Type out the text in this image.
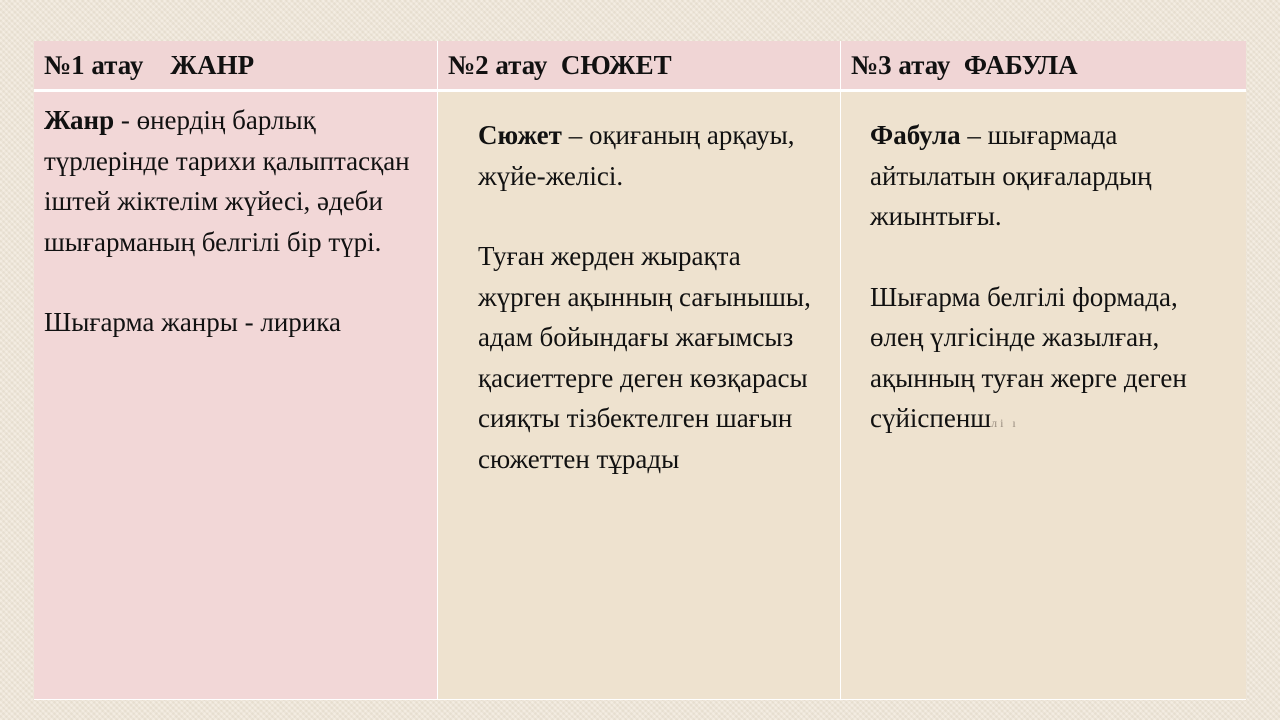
№1 атау    ЖАНР	№2 атау  СЮЖЕТ	№3 атау  ФАБУЛА

Жанр - өнердің барлық түрлерінде тарихи қалыптасқан іштей жіктелім жүйесі, әдеби шығарманың белгілі бір түрі.

Шығарма жанры - лирика

Сюжет – оқиғаның арқауы, жүйе-желісі.

Туған жерден жырақта жүрген ақынның сағынышы, адам бойындағы жағымсыз қасиеттерге деген көзқарасы сияқты тізбектелген шағын сюжеттен тұрады

Фабула – шығармада айтылатын оқиғалардың жиынтығы.

Шығарма белгілі формада, өлең үлгісінде жазылған, ақынның туған жерге деген сүйіспеншлі ı
